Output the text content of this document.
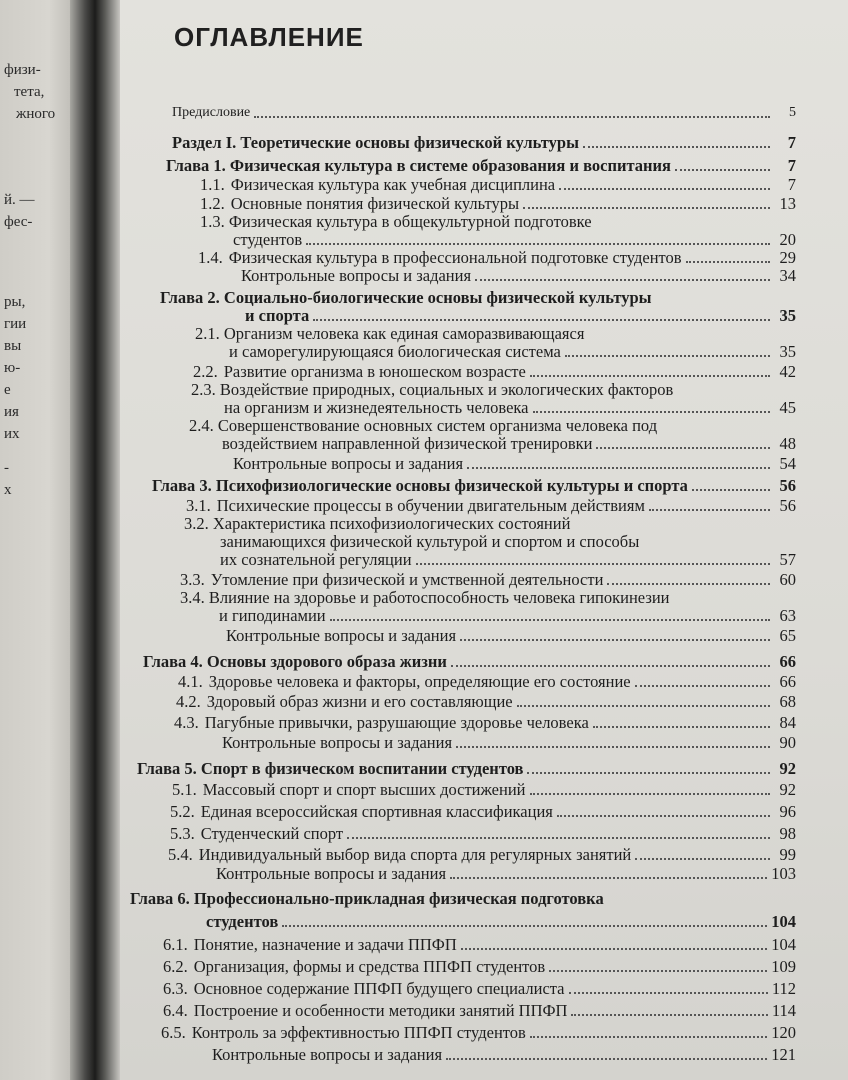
физи-
тета,
жного
й. —
фес-
ры,
гии
вы
ю-
е
ия
их
-
х
ОГЛАВЛЕНИЕ
Предисловие	5
Раздел I. Теоретические основы физической культуры	7
Глава 1. Физическая культура в системе образования и воспитания	7
1.1. Физическая культура как учебная дисциплина	7
1.2. Основные понятия физической культуры	13
1.3. Физическая культура в общекультурной подготовке
студентов	20
1.4. Физическая культура в профессиональной подготовке студентов	29
Контрольные вопросы и задания	34
Глава 2. Социально-биологические основы физической культуры
и спорта	35
2.1. Организм человека как единая саморазвивающаяся
и саморегулирующаяся биологическая система	35
2.2. Развитие организма в юношеском возрасте	42
2.3. Воздействие природных, социальных и экологических факторов
на организм и жизнедеятельность человека	45
2.4. Совершенствование основных систем организма человека под
воздействием направленной физической тренировки	48
Контрольные вопросы и задания	54
Глава 3. Психофизиологические основы физической культуры и спорта	56
3.1. Психические процессы в обучении двигательным действиям	56
3.2. Характеристика психофизиологических состояний
занимающихся физической культурой и спортом и способы
их сознательной регуляции	57
3.3. Утомление при физической и умственной деятельности	60
3.4. Влияние на здоровье и работоспособность человека гипокинезии
и гиподинамии	63
Контрольные вопросы и задания	65
Глава 4. Основы здорового образа жизни	66
4.1. Здоровье человека и факторы, определяющие его состояние	66
4.2. Здоровый образ жизни и его составляющие	68
4.3. Пагубные привычки, разрушающие здоровье человека	84
Контрольные вопросы и задания	90
Глава 5. Спорт в физическом воспитании студентов	92
5.1. Массовый спорт и спорт высших достижений	92
5.2. Единая всероссийская спортивная классификация	96
5.3. Студенческий спорт	98
5.4. Индивидуальный выбор вида спорта для регулярных занятий	99
Контрольные вопросы и задания	103
Глава 6. Профессионально-прикладная физическая подготовка
студентов	104
6.1. Понятие, назначение и задачи ППФП	104
6.2. Организация, формы и средства ППФП студентов	109
6.3. Основное содержание ППФП будущего специалиста	112
6.4. Построение и особенности методики занятий ППФП	114
6.5. Контроль за эффективностью ППФП студентов	120
Контрольные вопросы и задания	121
